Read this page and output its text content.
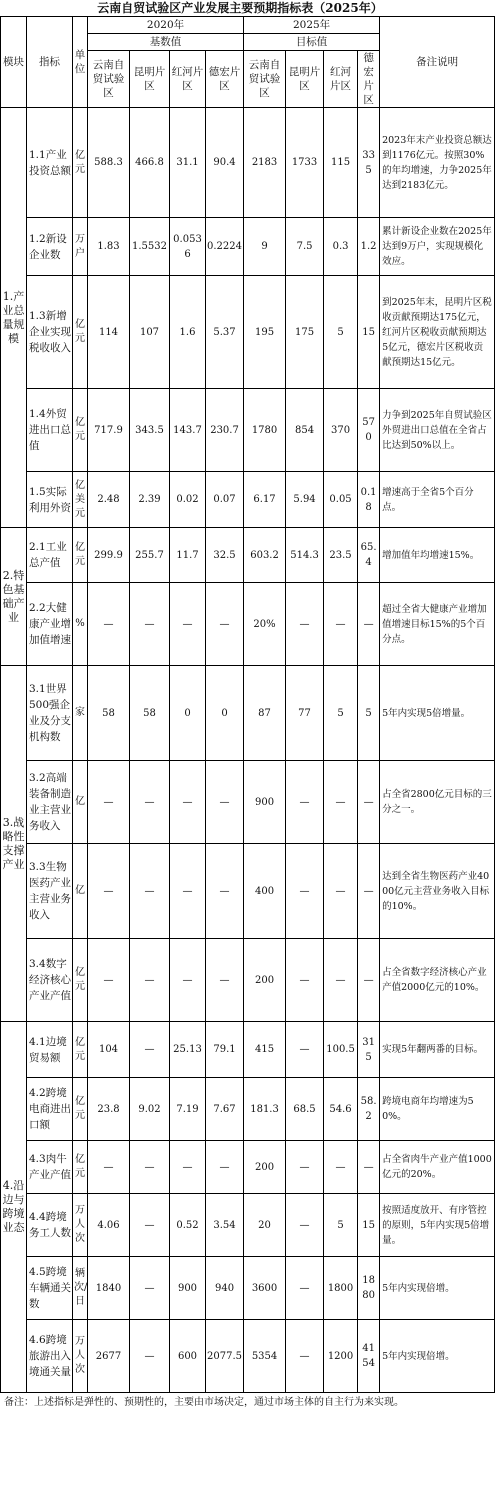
云南自贸试验区产业发展主要预期指标表（2025年）
模块	指标	单位	2020年				2025年				备注说明
			基数值				目标值				
			云南自贸试验区	昆明片区	红河片区	德宏片区	云南自贸试验区	昆明片区	红河片区	德宏片区	
1.产业总量规模	1.1产业投资总额	亿元	588.3	466.8	31.1	90.4	2183	1733	115	335	2023年末产业投资总额达到1176亿元。按照30%的年均增速，力争2025年达到2183亿元。
	1.2新设企业数	万户	1.83	1.5532	0.0536	0.2224	9	7.5	0.3	1.2	累计新设企业数在2025年达到9万户，实现规模化效应。
	1.3新增企业实现税收收入	亿元	114	107	1.6	5.37	195	175	5	15	到2025年末，昆明片区税收贡献预期达175亿元，红河片区税收贡献预期达5亿元，德宏片区税收贡献预期达15亿元。
	1.4外贸进出口总值	亿元	717.9	343.5	143.7	230.7	1780	854	370	570	力争到2025年自贸试验区外贸进出口总值在全省占比达到50%以上。
	1.5实际利用外资	亿美元	2.48	2.39	0.02	0.07	6.17	5.94	0.05	0.18	增速高于全省5个百分点。
2.特色基础产业	2.1工业总产值	亿元	299.9	255.7	11.7	32.5	603.2	514.3	23.5	65.4	增加值年均增速15%。
	2.2大健康产业增加值增速	%	—	—	—	—	20%	—	—	—	超过全省大健康产业增加值增速目标15%的5个百分点。
3.战略性支撑产业	3.1世界500强企业及分支机构数	家	58	58	0	0	87	77	5	5	5年内实现5倍增量。
	3.2高端装备制造业主营业务收入	亿	—	—	—	—	900	—	—	—	占全省2800亿元目标的三分之一。
	3.3生物医药产业主营业务收入	亿	—	—	—	—	400	—	—	—	达到全省生物医药产业4000亿元主营业务收入目标的10%。
	3.4数字经济核心产业产值	亿元	—	—	—	—	200	—	—	—	占全省数字经济核心产业产值2000亿元的10%。
4.沿边与跨境业态	4.1边境贸易额	亿元	104	—	25.13	79.1	415	—	100.5	315	实现5年翻两番的目标。
	4.2跨境电商进出口额	亿元	23.8	9.02	7.19	7.67	181.3	68.5	54.6	58.2	跨境电商年均增速为50%。
	4.3肉牛产业产值	亿元	—	—	—	—	200	—	—	—	占全省肉牛产业产值1000亿元的20%。
	4.4跨境务工人数	万人次	4.06	—	0.52	3.54	20	—	5	15	按照适度放开、有序管控的原则，5年内实现5倍增量。
	4.5跨境车辆通关数	辆次/日	1840	—	900	940	3600	—	1800	1880	5年内实现倍增。
	4.6跨境旅游出入境通关量	万人次	2677	—	600	2077.5	5354	—	1200	4154	5年内实现倍增。
备注：上述指标是弹性的、预期性的，主要由市场决定，通过市场主体的自主行为来实现。
